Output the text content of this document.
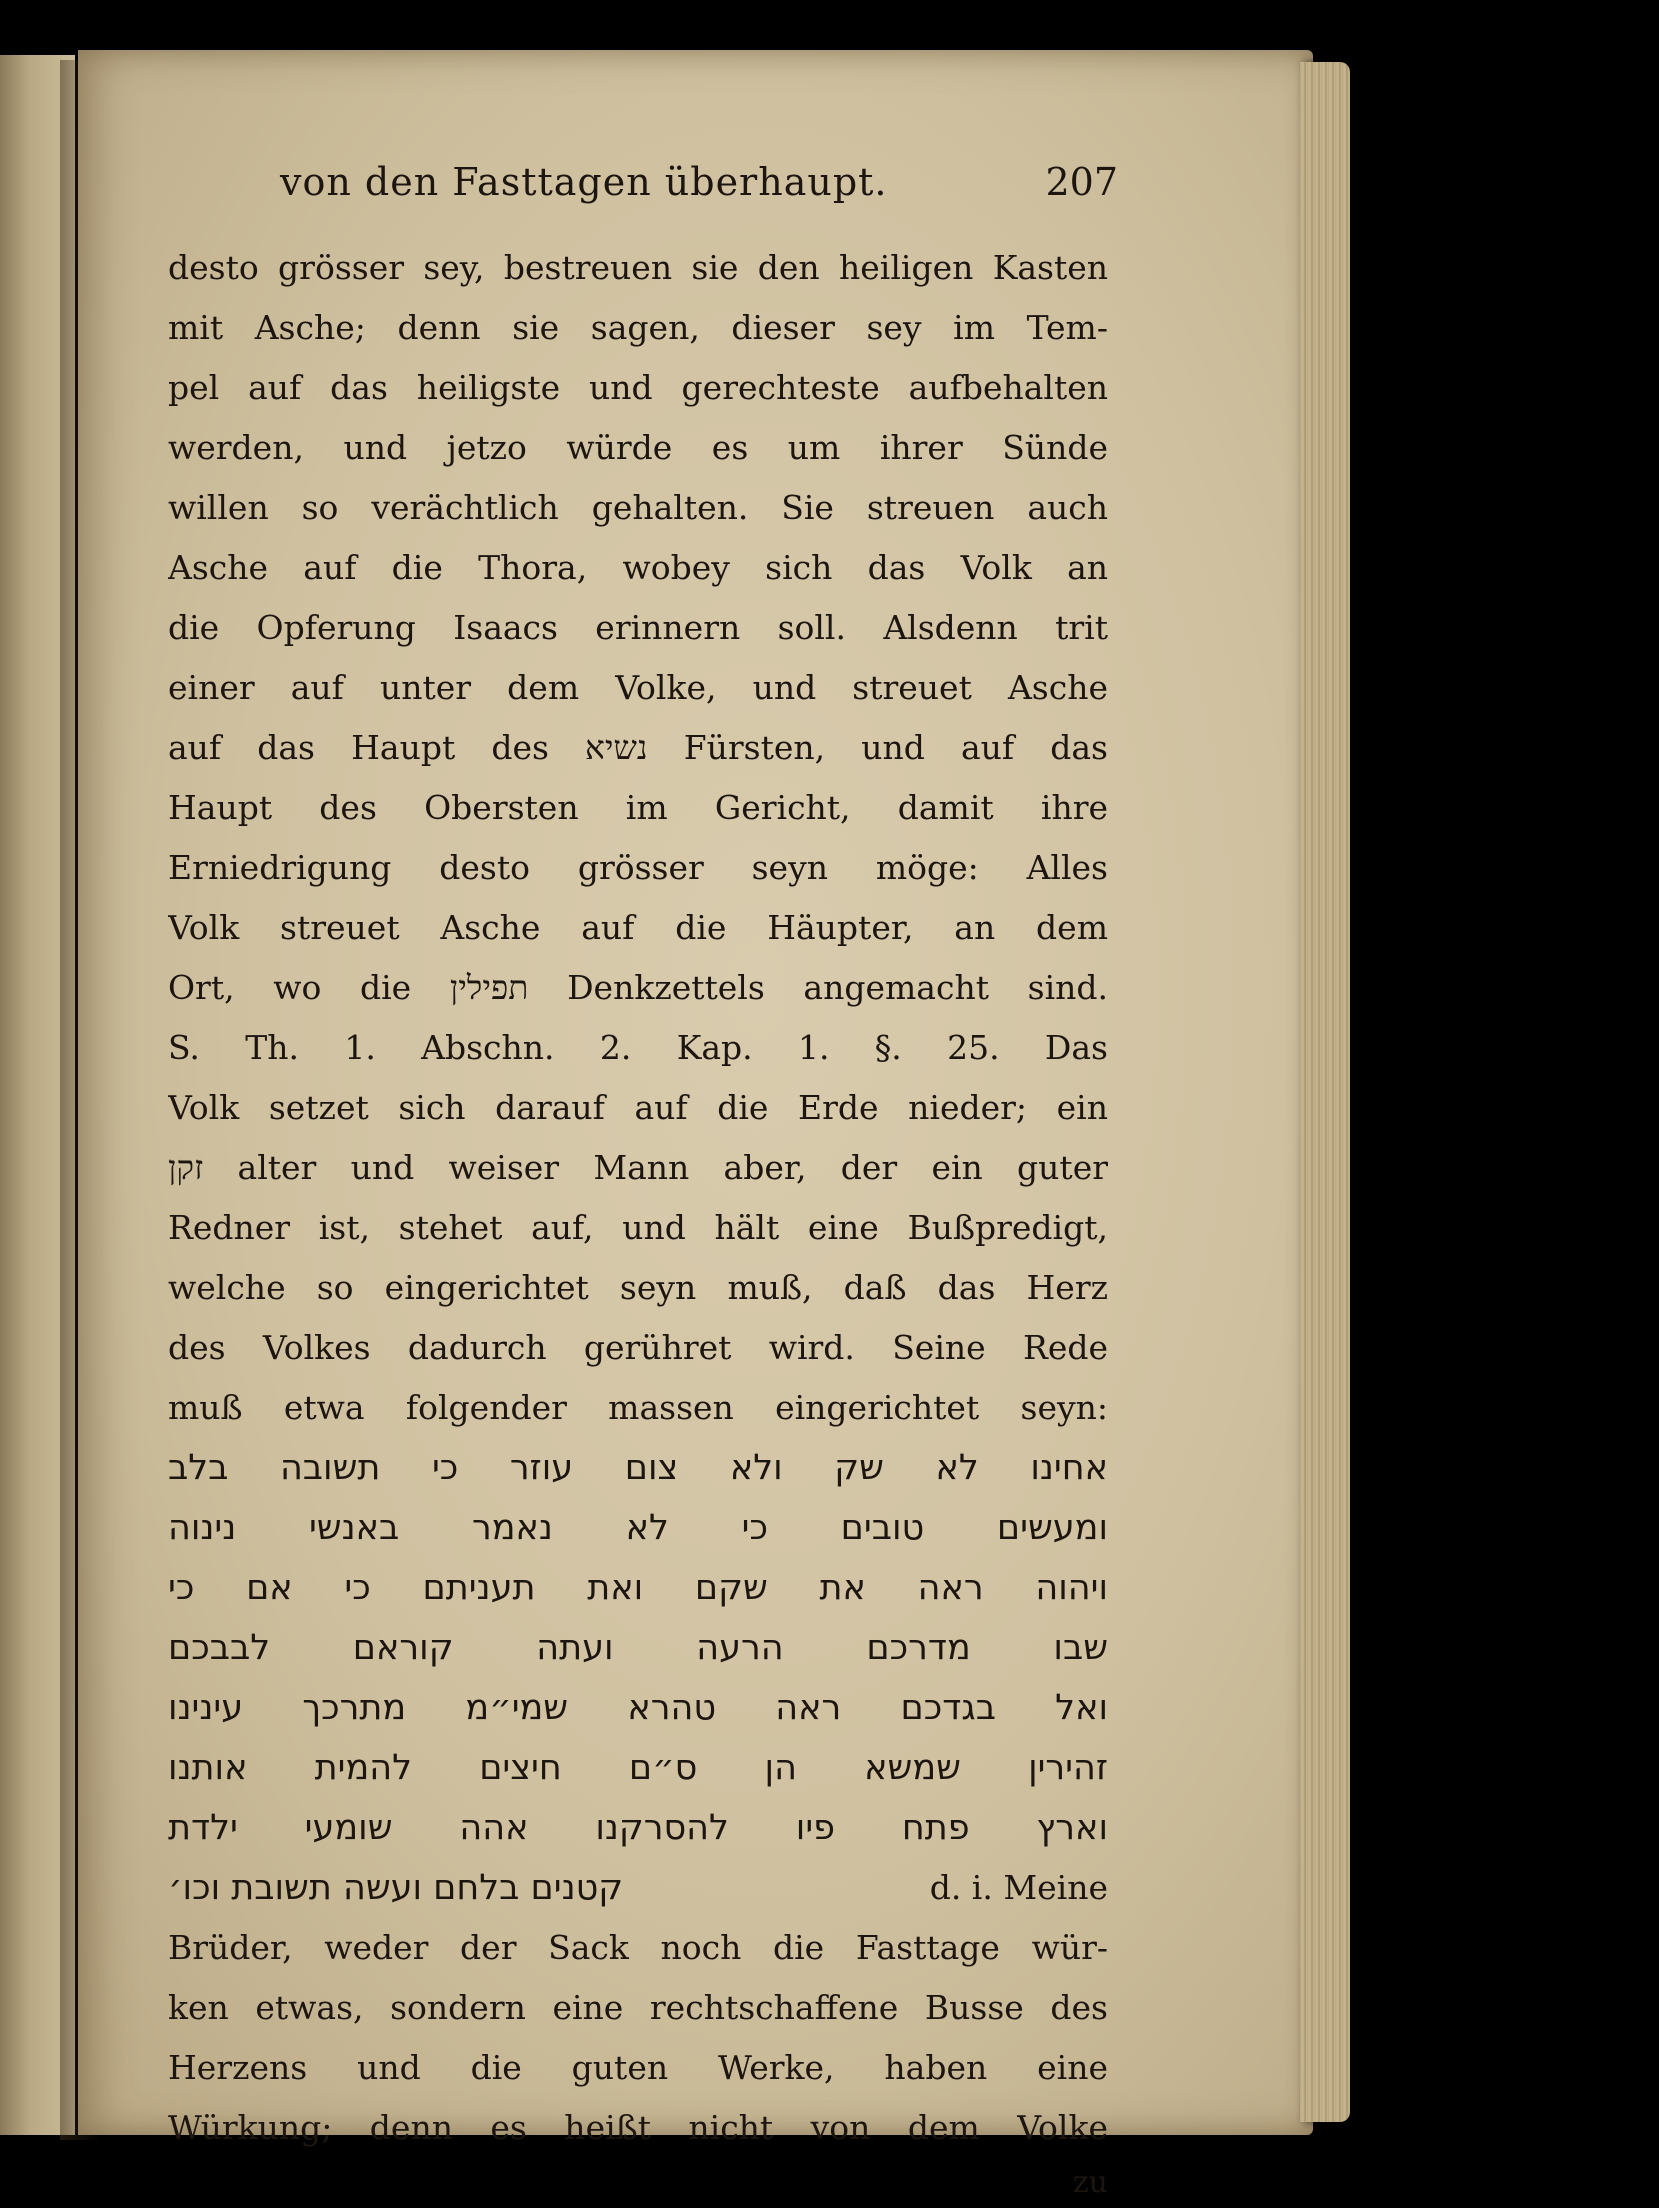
von den Fasttagen überhaupt.	207
desto grösser sey, bestreuen sie den heiligen Kasten
mit Asche; denn sie sagen, dieser sey im Tem-
pel auf das heiligste und gerechteste aufbehalten
werden, und jetzo würde es um ihrer Sünde
willen so verächtlich gehalten. Sie streuen auch
Asche auf die Thora, wobey sich das Volk an
die Opferung Isaacs erinnern soll. Alsdenn trit
einer auf unter dem Volke, und streuet Asche
auf das Haupt des נשיא Fürsten, und auf das
Haupt des Obersten im Gericht, damit ihre
Erniedrigung desto grösser seyn möge: Alles
Volk streuet Asche auf die Häupter, an dem
Ort, wo die תפילין Denkzettels angemacht sind.
S. Th. 1. Abschn. 2. Kap. 1. §. 25. Das
Volk setzet sich darauf auf die Erde nieder; ein
זקן alter und weiser Mann aber, der ein guter
Redner ist, stehet auf, und hält eine Bußpredigt,
welche so eingerichtet seyn muß, daß das Herz
des Volkes dadurch gerühret wird. Seine Rede
muß etwa folgender massen eingerichtet seyn:
אחינו לא שק ולא צום עוזר כי תשובה בלב
ומעשים טובים כי לא נאמר באנשי נינוה
ויהוה ראה את שקם ואת תעניתם כי אם כי
שבו מדרכם הרעה ועתה קוראם לבבכם
ואל בגדכם ראה טהרא שמי״מ מתרכך עינינו
זהירין שמשא הן ס״ם חיצים להמית אותנו
וארץ פתח פיו להסרקנו אהה שומעי ילדת
קטנים בלחם ועשה תשובת וכו׳	d. i. Meine
Brüder, weder der Sack noch die Fasttage wür-
ken etwas, sondern eine rechtschaffene Busse des
Herzens und die guten Werke, haben eine
Würkung; denn es heißt nicht von dem Volke
zu
